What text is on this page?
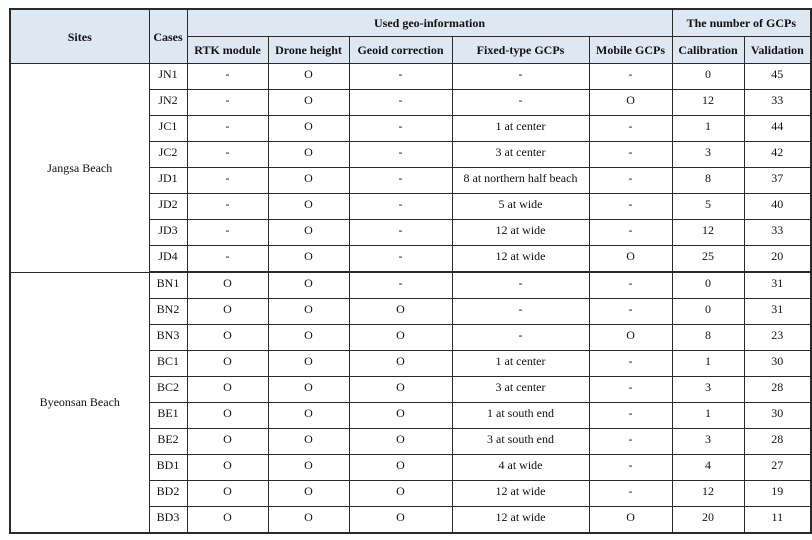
Sites	Cases	Used geo-information					The number of GCPs	
		RTK module	Drone height	Geoid correction	Fixed-type GCPs	Mobile GCPs	Calibration	Validation
Jangsa Beach	JN1	-	O	-	-	-	0	45
	JN2	-	O	-	-	O	12	33
	JC1	-	O	-	1 at center	-	1	44
	JC2	-	O	-	3 at center	-	3	42
	JD1	-	O	-	8 at northern half beach	-	8	37
	JD2	-	O	-	5 at wide	-	5	40
	JD3	-	O	-	12 at wide	-	12	33
	JD4	-	O	-	12 at wide	O	25	20
Byeonsan Beach	BN1	O	O	-	-	-	0	31
	BN2	O	O	O	-	-	0	31
	BN3	O	O	O	-	O	8	23
	BC1	O	O	O	1 at center	-	1	30
	BC2	O	O	O	3 at center	-	3	28
	BE1	O	O	O	1 at south end	-	1	30
	BE2	O	O	O	3 at south end	-	3	28
	BD1	O	O	O	4 at wide	-	4	27
	BD2	O	O	O	12 at wide	-	12	19
	BD3	O	O	O	12 at wide	O	20	11
